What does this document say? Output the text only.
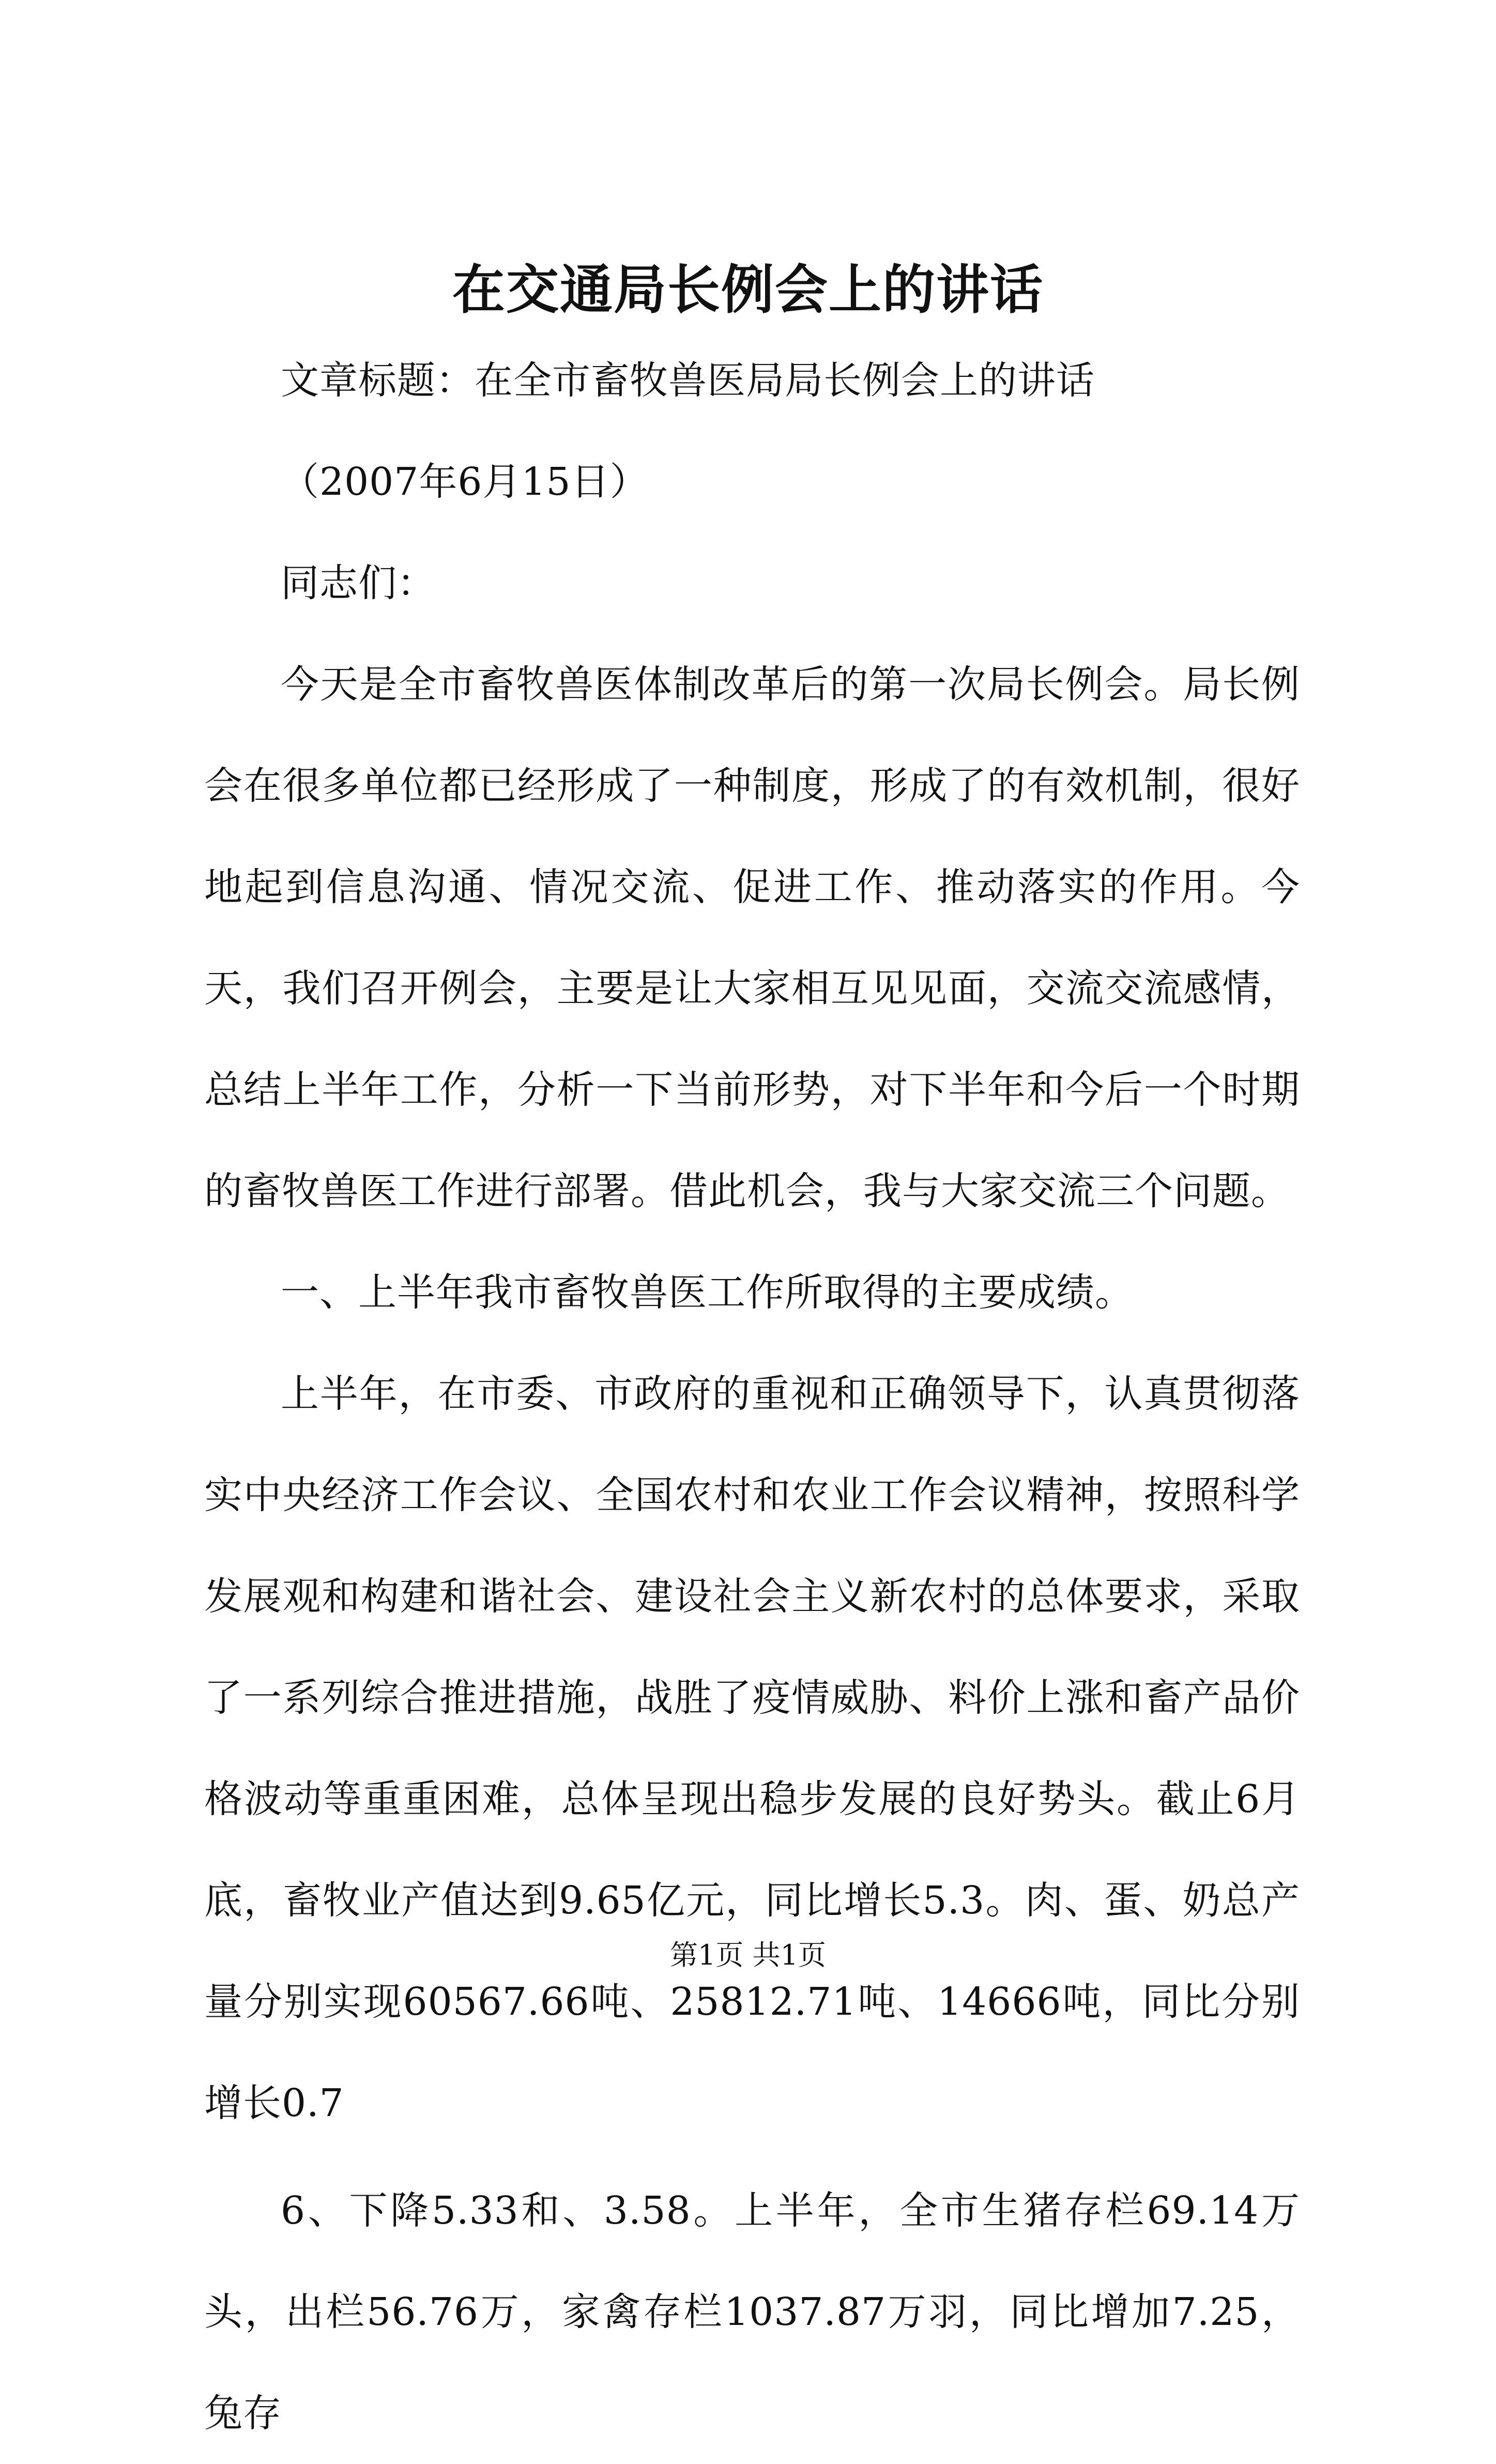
在交通局长例会上的讲话

文章标题：在全市畜牧兽医局局长例会上的讲话

（2007年6月15日）

同志们：

今天是全市畜牧兽医体制改革后的第一次局长例会。局长例会在很多单位都已经形成了一种制度，形成了的有效机制，很好地起到信息沟通、情况交流、促进工作、推动落实的作用。今天，我们召开例会，主要是让大家相互见见面，交流交流感情，总结上半年工作，分析一下当前形势，对下半年和今后一个时期的畜牧兽医工作进行部署。借此机会，我与大家交流三个问题。

一、上半年我市畜牧兽医工作所取得的主要成绩。

上半年，在市委、市政府的重视和正确领导下，认真贯彻落实中央经济工作会议、全国农村和农业工作会议精神，按照科学发展观和构建和谐社会、建设社会主义新农村的总体要求，采取了一系列综合推进措施，战胜了疫情威胁、料价上涨和畜产品价格波动等重重困难，总体呈现出稳步发展的良好势头。截止6月底，畜牧业产值达到9.65亿元，同比增长5.3。肉、蛋、奶总产量分别实现60567.66吨、25812.71吨、14666吨，同比分别增长0.7

6、下降5.33和、3.58。上半年，全市生猪存栏69.14万头，出栏56.76万，家禽存栏1037.87万羽，同比增加7.25，兔存

第1页 共1页
